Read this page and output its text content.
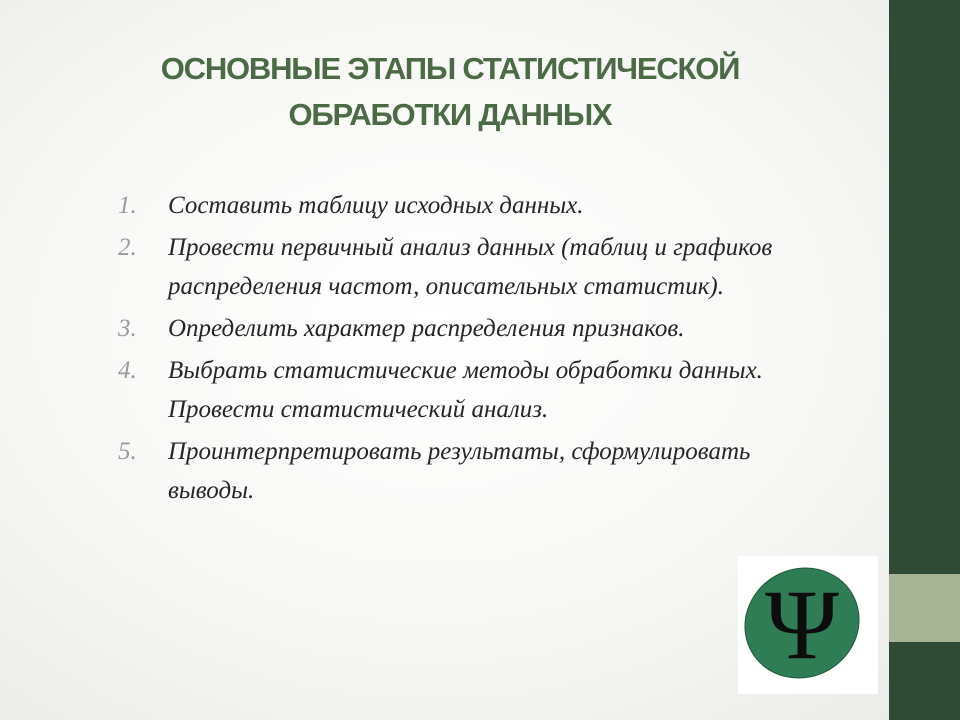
ОСНОВНЫЕ ЭТАПЫ СТАТИСТИЧЕСКОЙ
ОБРАБОТКИ ДАННЫХ
1.	Составить таблицу исходных данных.
2.	Провести первичный анализ данных (таблиц и графиков распределения частот, описательных статистик).
3.	Определить характер распределения признаков.
4.	Выбрать статистические методы обработки данных. Провести статистический анализ.
5.	Проинтерпретировать результаты, сформулировать выводы.
Ψ
